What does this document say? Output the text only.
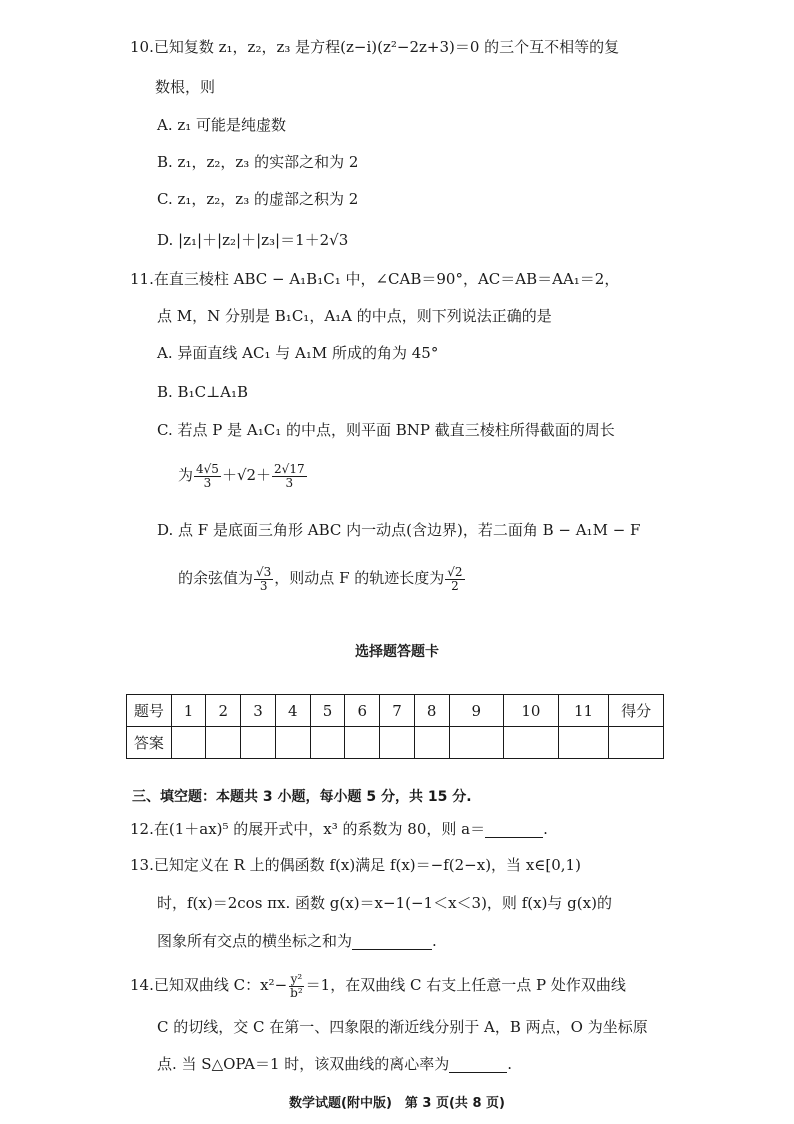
10.已知复数 z₁，z₂，z₃ 是方程(z−i)(z²−2z+3)＝0 的三个互不相等的复
数根，则
A. z₁ 可能是纯虚数
B. z₁，z₂，z₃ 的实部之和为 2
C. z₁，z₂，z₃ 的虚部之积为 2
D. |z₁|＋|z₂|＋|z₃|＝1＋2√3
11.在直三棱柱 ABC − A₁B₁C₁ 中，∠CAB＝90°，AC＝AB＝AA₁＝2，
点 M，N 分别是 B₁C₁，A₁A 的中点，则下列说法正确的是
A. 异面直线 AC₁ 与 A₁M 所成的角为 45°
B. B₁C⊥A₁B
C. 若点 P 是 A₁C₁ 的中点，则平面 BNP 截直三棱柱所得截面的周长
为 $\frac{4√5}{3} +√2+ \frac{2√17}{3}$
D. 点 F 是底面三角形 ABC 内一动点(含边界)，若二面角 B − A₁M − F
的余弦值为 $\frac{√3}{3}$ ，则动点 F 的轨迹长度为 $\frac{√2}{2}$
选择题答题卡
题号	1	2	3	4	5	6	7	8	9	10	11	得分
答案												
三、填空题：本题共 3 小题，每小题 5 分，共 15 分.
12.在(1＋ax)⁵ 的展开式中，x³ 的系数为 80，则 a＝	.
13.已知定义在 R 上的偶函数 f(x)满足 f(x)＝−f(2−x)，当 x∈[0,1)
时，f(x)＝2cos πx. 函数 g(x)＝x−1(−1＜x＜3)，则 f(x)与 g(x)的
图象所有交点的横坐标之和为	.
14.已知双曲线 C：$x^2- \frac{\text{y²}}{\text{b²}} =1$，在双曲线 C 右支上任意一点 P 处作双曲线
C 的切线，交 C 在第一、四象限的渐近线分别于 A，B 两点，O 为坐标原
点. 当 S△OPA＝1 时，该双曲线的离心率为	.
数学试题(附中版)　第 3 页(共 8 页)
